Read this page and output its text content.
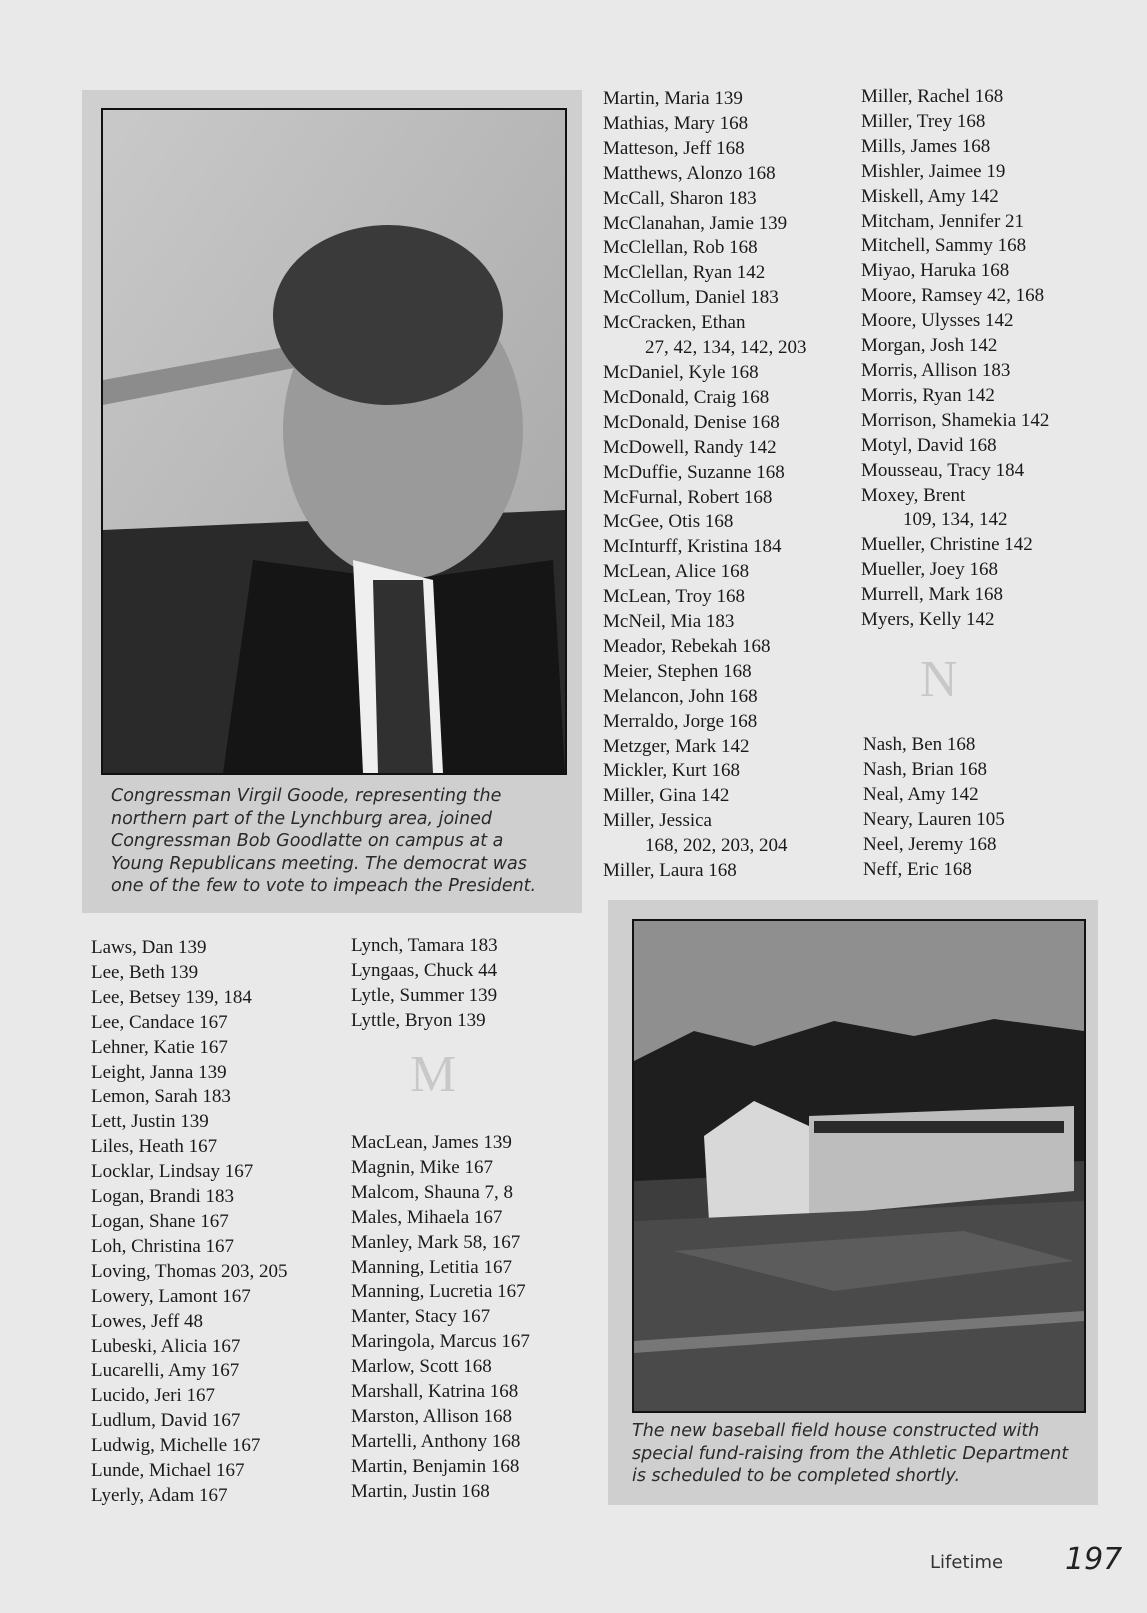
Congressman Virgil Goode, representing the northern part of the Lynchburg area, joined Congressman Bob Goodlatte on campus at a Young Republicans meeting. The democrat was one of the few to vote to impeach the President.
The new baseball field house constructed with special fund-raising from the Athletic Department is scheduled to be completed shortly.
Laws, Dan 139
Lee, Beth 139
Lee, Betsey 139, 184
Lee, Candace 167
Lehner, Katie 167
Leight, Janna 139
Lemon, Sarah 183
Lett, Justin 139
Liles, Heath 167
Locklar, Lindsay 167
Logan, Brandi 183
Logan, Shane 167
Loh, Christina 167
Loving, Thomas 203, 205
Lowery, Lamont 167
Lowes, Jeff 48
Lubeski, Alicia 167
Lucarelli, Amy 167
Lucido, Jeri 167
Ludlum, David 167
Ludwig, Michelle 167
Lunde, Michael 167
Lyerly, Adam 167
Lynch, Tamara 183
Lyngaas, Chuck 44
Lytle, Summer 139
Lyttle, Bryon 139
M
MacLean, James 139
Magnin, Mike 167
Malcom, Shauna 7, 8
Males, Mihaela 167
Manley, Mark 58, 167
Manning, Letitia 167
Manning, Lucretia 167
Manter, Stacy 167
Maringola, Marcus 167
Marlow, Scott 168
Marshall, Katrina 168
Marston, Allison 168
Martelli, Anthony 168
Martin, Benjamin 168
Martin, Justin 168
Martin, Maria 139
Mathias, Mary 168
Matteson, Jeff 168
Matthews, Alonzo 168
McCall, Sharon 183
McClanahan, Jamie 139
McClellan, Rob 168
McClellan, Ryan 142
McCollum, Daniel 183
McCracken, Ethan
27, 42, 134, 142, 203
McDaniel, Kyle 168
McDonald, Craig 168
McDonald, Denise 168
McDowell, Randy 142
McDuffie, Suzanne 168
McFurnal, Robert 168
McGee, Otis 168
McInturff, Kristina 184
McLean, Alice 168
McLean, Troy 168
McNeil, Mia 183
Meador, Rebekah 168
Meier, Stephen 168
Melancon, John 168
Merraldo, Jorge 168
Metzger, Mark 142
Mickler, Kurt 168
Miller, Gina 142
Miller, Jessica
168, 202, 203, 204
Miller, Laura 168
Miller, Rachel 168
Miller, Trey 168
Mills, James 168
Mishler, Jaimee 19
Miskell, Amy 142
Mitcham, Jennifer 21
Mitchell, Sammy 168
Miyao, Haruka 168
Moore, Ramsey 42, 168
Moore, Ulysses 142
Morgan, Josh 142
Morris, Allison 183
Morris, Ryan 142
Morrison, Shamekia 142
Motyl, David 168
Mousseau, Tracy 184
Moxey, Brent
109, 134, 142
Mueller, Christine 142
Mueller, Joey 168
Murrell, Mark 168
Myers, Kelly 142
N
Nash, Ben 168
Nash, Brian 168
Neal, Amy 142
Neary, Lauren 105
Neel, Jeremy 168
Neff, Eric 168
Lifetime 197
